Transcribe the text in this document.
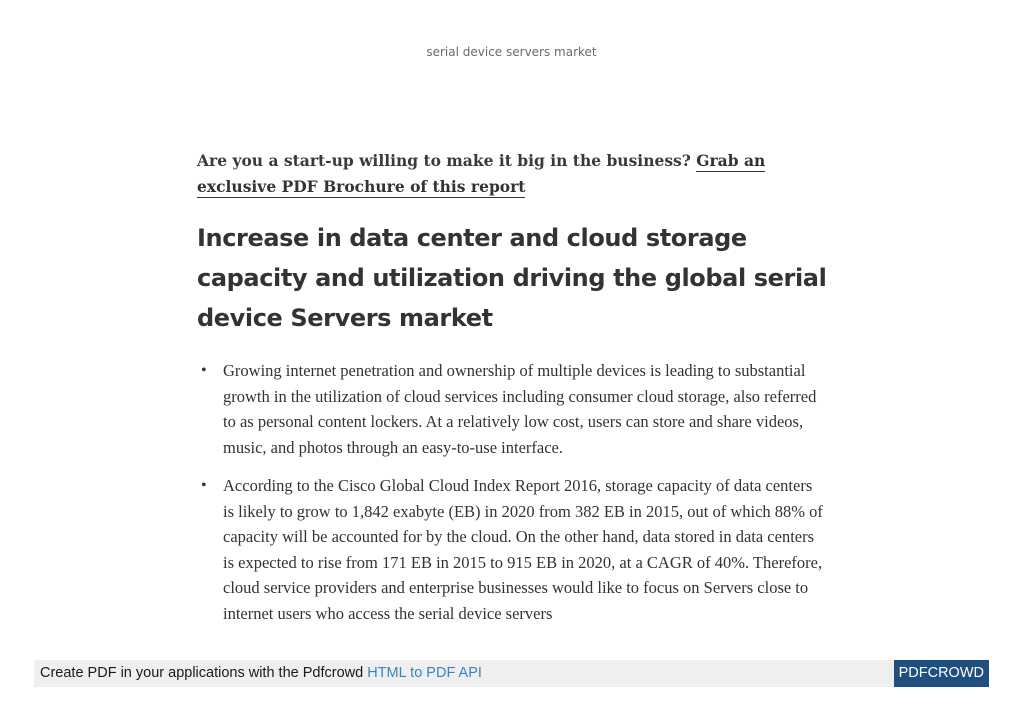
serial device servers market

Are you a start-up willing to make it big in the business? Grab an exclusive PDF Brochure of this report

Increase in data center and cloud storage capacity and utilization driving the global serial device Servers market
• Growing internet penetration and ownership of multiple devices is leading to substantial growth in the utilization of cloud services including consumer cloud storage, also referred to as personal content lockers. At a relatively low cost, users can store and share videos, music, and photos through an easy-to-use interface.
• According to the Cisco Global Cloud Index Report 2016, storage capacity of data centers is likely to grow to 1,842 exabyte (EB) in 2020 from 382 EB in 2015, out of which 88% of capacity will be accounted for by the cloud. On the other hand, data stored in data centers is expected to rise from 171 EB in 2015 to 915 EB in 2020, at a CAGR of 40%. Therefore, cloud service providers and enterprise businesses would like to focus on Servers close to internet users who access the serial device servers
Create PDF in your applications with the Pdfcrowd HTML to PDF API	PDFCROWD
